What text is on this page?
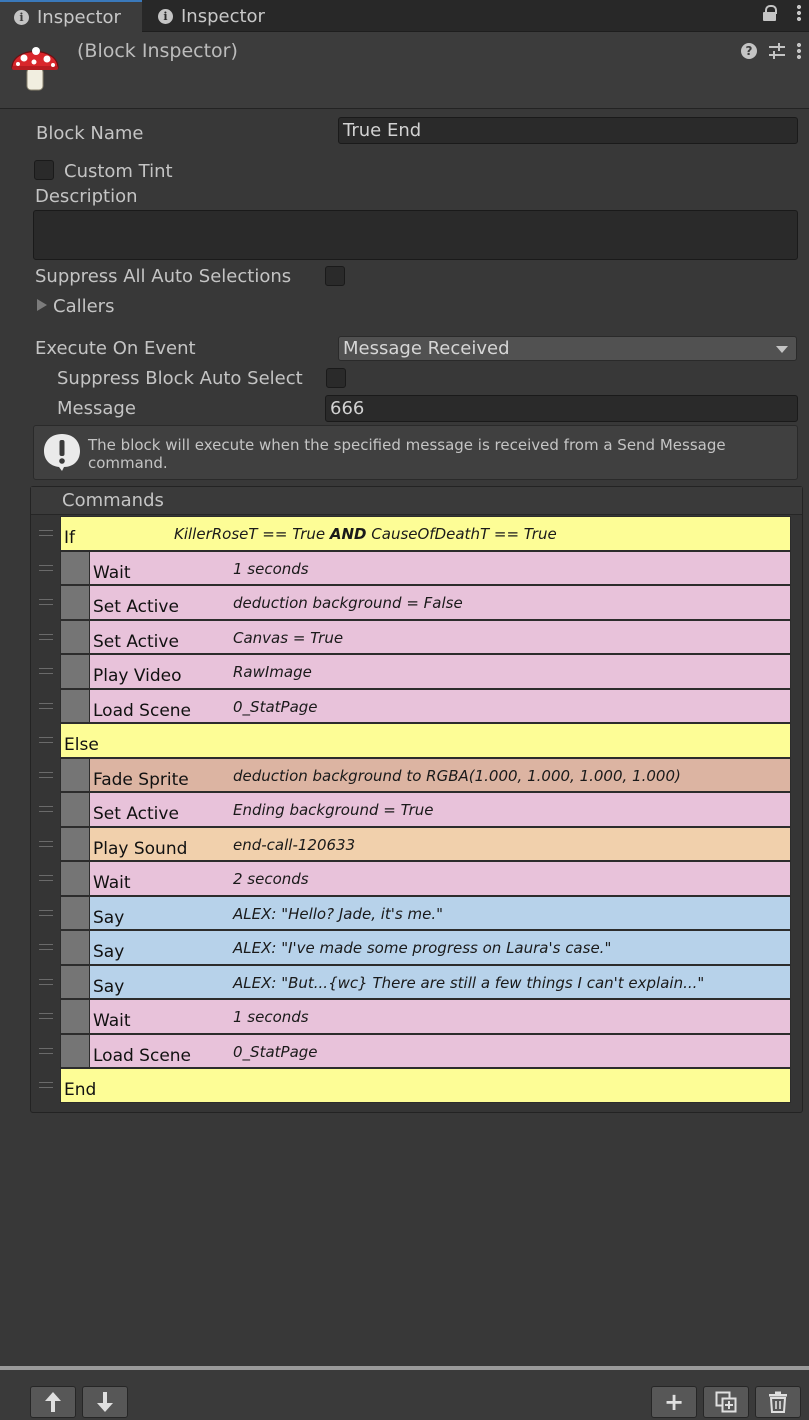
i Inspector	i Inspector
(Block Inspector)	?
Block Name	True End
Custom Tint
Description
Suppress All Auto Selections
Callers
Execute On Event	Message Received
Suppress Block Auto Select
Message	666
The block will execute when the specified message is received from a Send Message command.
Commands
If	KillerRoseT == True AND CauseOfDeathT == True
Wait	1 seconds
Set Active	deduction background = False
Set Active	Canvas = True
Play Video	RawImage
Load Scene	0_StatPage
Else
Fade Sprite	deduction background to RGBA(1.000, 1.000, 1.000, 1.000)
Set Active	Ending background = True
Play Sound	end-call-120633
Wait	2 seconds
Say	ALEX: "Hello? Jade, it's me."
Say	ALEX: "I've made some progress on Laura's case."
Say	ALEX: "But...{wc} There are still a few things I can't explain..."
Wait	1 seconds
Load Scene	0_StatPage
End
+
